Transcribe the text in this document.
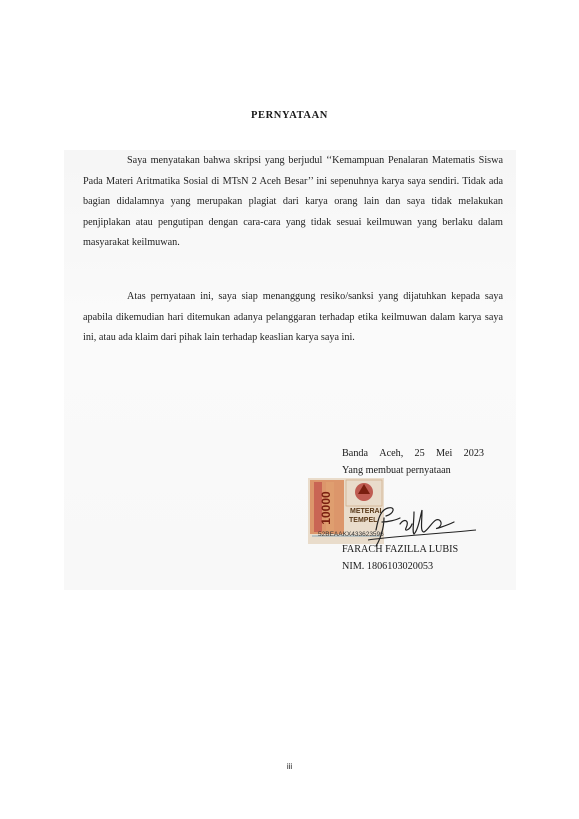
PERNYATAAN
Saya menyatakan bahwa skripsi yang berjudul ‘‘Kemampuan Penalaran Matematis Siswa Pada Materi Aritmatika Sosial di MTsN 2 Aceh Besar’’ ini sepenuhnya karya saya sendiri. Tidak ada bagian didalamnya yang merupakan plagiat dari karya orang lain dan saya tidak melakukan penjiplakan atau pengutipan dengan cara-cara yang tidak sesuai keilmuwan yang berlaku dalam masyarakat keilmuwan.
Atas pernyataan ini, saya siap menanggung resiko/sanksi yang dijatuhkan kepada saya apabila dikemudian hari ditemukan adanya pelanggaran terhadap etika keilmuwan dalam karya saya ini, atau ada klaim dari pihak lain terhadap keaslian karya saya ini.
Banda Aceh, 25 Mei 2023
Yang membuat pernyataan
10000 METERAI
TEMPEL
52BEAAKX433623596
FARACH FAZILLA LUBIS
NIM. 1806103020053
iii
